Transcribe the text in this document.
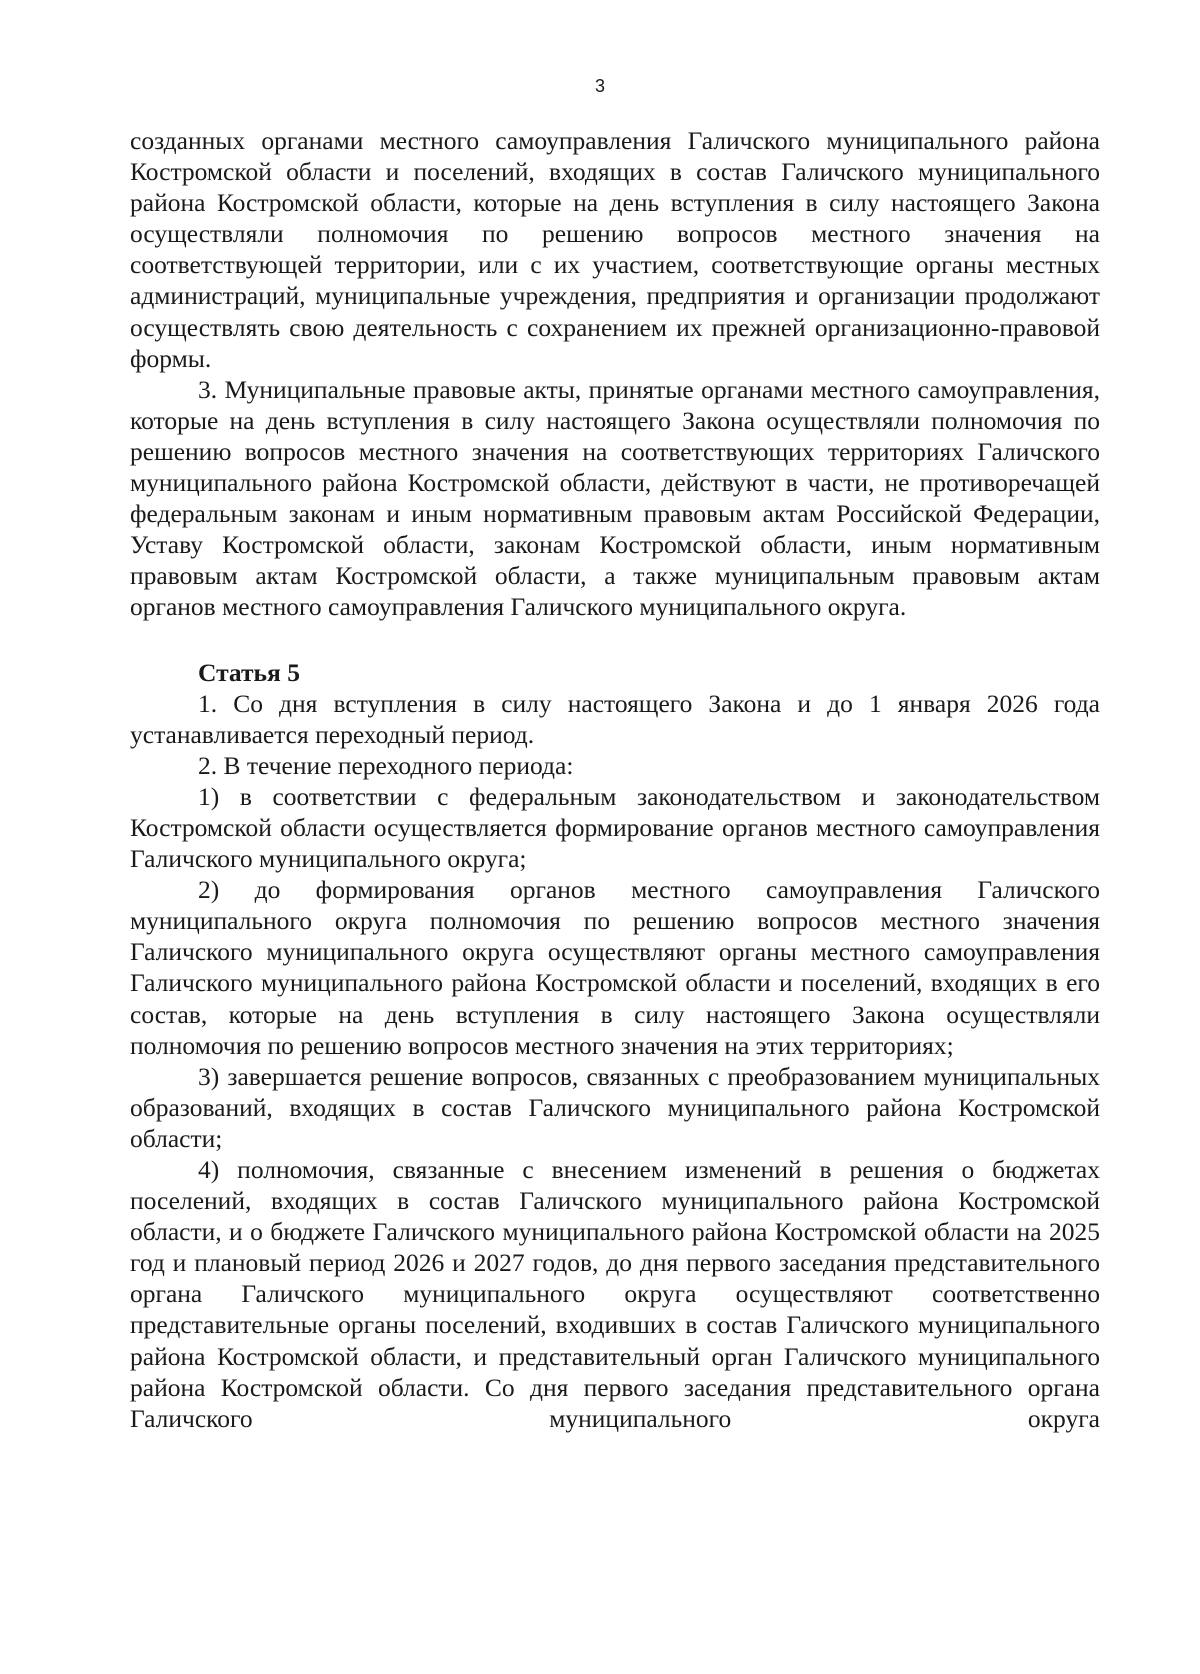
3

созданных органами местного самоуправления Галичского муниципального района Костромской области и поселений, входящих в состав Галичского муниципального района Костромской области, которые на день вступления в силу настоящего Закона осуществляли полномочия по решению вопросов местного значения на соответствующей территории, или с их участием, соответствующие органы местных администраций, муниципальные учреждения, предприятия и организации продолжают осуществлять свою деятельность с сохранением их прежней организационно-правовой формы.

3. Муниципальные правовые акты, принятые органами местного самоуправления, которые на день вступления в силу настоящего Закона осуществляли полномочия по решению вопросов местного значения на соответствующих территориях Галичского муниципального района Костромской области, действуют в части, не противоречащей федеральным законам и иным нормативным правовым актам Российской Федерации, Уставу Костромской области, законам Костромской области, иным нормативным правовым актам Костромской области, а также муниципальным правовым актам органов местного самоуправления Галичского муниципального округа.

Статья 5

1. Со дня вступления в силу настоящего Закона и до 1 января 2026 года устанавливается переходный период.

2. В течение переходного периода:

1) в соответствии с федеральным законодательством и законодательством Костромской области осуществляется формирование органов местного самоуправления Галичского муниципального округа;

2) до формирования органов местного самоуправления Галичского муниципального округа полномочия по решению вопросов местного значения Галичского муниципального округа осуществляют органы местного самоуправления Галичского муниципального района Костромской области и поселений, входящих в его состав, которые на день вступления в силу настоящего Закона осуществляли полномочия по решению вопросов местного значения на этих территориях;

3) завершается решение вопросов, связанных с преобразованием муниципальных образований, входящих в состав Галичского муниципального района Костромской области;

4) полномочия, связанные с внесением изменений в решения о бюджетах поселений, входящих в состав Галичского муниципального района Костромской области, и о бюджете Галичского муниципального района Костромской области на 2025 год и плановый период 2026 и 2027 годов, до дня первого заседания представительного органа Галичского муниципального округа осуществляют соответственно представительные органы поселений, входивших в состав Галичского муниципального района Костромской области, и представительный орган Галичского муниципального района Костромской области. Со дня первого заседания представительного органа Галичского муниципального округа
